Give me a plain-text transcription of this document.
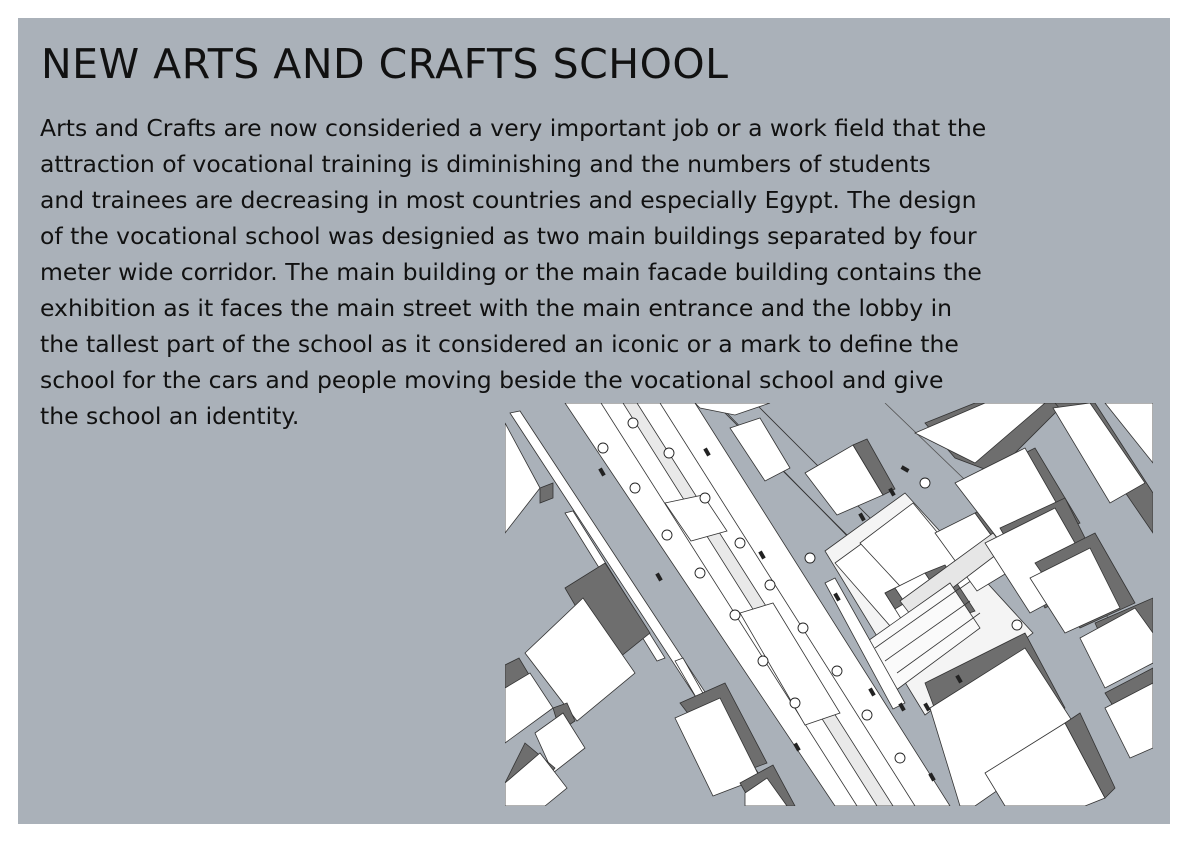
NEW ARTS AND CRAFTS SCHOOL
Arts and Crafts are now consideried a very important job or a work field that the
attraction of vocational training is diminishing and the numbers of students
and trainees are decreasing in most countries and especially Egypt. The design
of the vocational school was designied as two main buildings separated by four
meter wide corridor. The main building or the main facade building contains the
exhibition as it faces the main street with the main entrance and the lobby in
the tallest part of the school as it considered an iconic or a mark to define the
school for the cars and people moving beside the vocational school and give
the school an identity.
